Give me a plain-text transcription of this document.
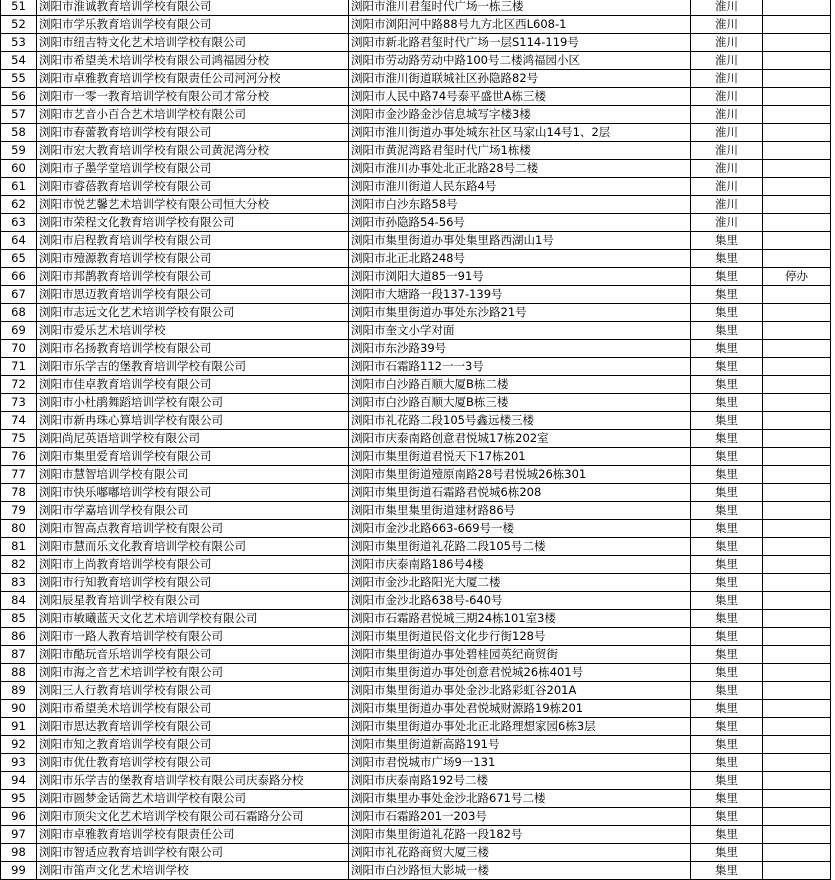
51	浏阳市淮诚教育培训学校有限公司	浏阳市淮川君玺时代广场一栋三楼	淮川	
52	浏阳市学乐教育培训学校有限公司	浏阳市浏阳河中路88号九方北区西L608-1	淮川	
53	浏阳市纽吉特文化艺术培训学校有限公司	浏阳市新北路君玺时代广场一层S114-119号	淮川	
54	浏阳市希望美术培训学校有限公司鸿福园分校	浏阳市劳动路劳动中路100号二楼鸿福园小区	淮川	
55	浏阳市卓雅教育培训学校有限责任公司河河分校	浏阳市淮川街道联城社区孙隐路82号	淮川	
56	浏阳市一零一教育培训学校有限公司才常分校	浏阳市人民中路74号泰平盛世A栋三楼	淮川	
57	浏阳市艺音小百合艺术培训学校有限公司	浏阳市金沙路金沙信息城写字楼3楼	淮川	
58	浏阳市春蕾教育培训学校有限公司	浏阳市淮川街道办事处城东社区马家山14号1、2层	淮川	
59	浏阳市宏大教育培训学校有限公司黄泥湾分校	浏阳市黄泥湾路君玺时代广场1栋楼	淮川	
60	浏阳市子墨学堂培训学校有限公司	浏阳市淮川办事处北正北路28号二楼	淮川	
61	浏阳市睿蓓教育培训学校有限公司	浏阳市淮川街道人民东路4号	淮川	
62	浏阳市悦艺馨艺术培训学校有限公司恒大分校	浏阳市白沙东路58号	淮川	
63	浏阳市荣程文化教育培训学校有限公司	浏阳市孙隐路54-56号	淮川	
64	浏阳市启程教育培训学校有限公司	浏阳市集里街道办事处集里路西湖山1号	集里	
65	浏阳市殪源教育培训学校有限公司	浏阳市北正北路248号	集里	
66	浏阳市邦鹊教育培训学校有限公司	浏阳市浏阳大道85一91号	集里	停办
67	浏阳市思迈教育培训学校有限公司	浏阳市大塘路一段137-139号	集里	
68	浏阳市志远文化艺术培训学校有限公司	浏阳市集里街道办事处东沙路21号	集里	
69	浏阳市爱乐艺术培训学校	浏阳市奎文小学对面	集里	
70	浏阳市名扬教育培训学校有限公司	浏阳市东沙路39号	集里	
71	浏阳市乐学吉的堡教育培训学校有限公司	浏阳市石霜路112一一3号	集里	
72	浏阳市佳卓教育培训学校有限公司	浏阳市白沙路百顺大厦B栋二楼	集里	
73	浏阳市小杜鹃舞蹈培训学校有限公司	浏阳市白沙路百顺大厦B栋三楼	集里	
74	浏阳市新冉珠心算培训学校有限公司	浏阳市礼花路二段105号鑫远楼三楼	集里	
75	浏阳尚尼英语培训学校有限公司	浏阳市庆泰南路创意君悦城17栋202室	集里	
76	浏阳市集里爱育培训学校有限公司	浏阳市集里街道君悦天下17栋201	集里	
77	浏阳市慧智培训学校有限公司	浏阳市集里街道殪原南路28号君悦城26栋301	集里	
78	浏阳市快乐嘟嘟培训学校有限公司	浏阳市集里街道石霜路君悦城6栋208	集里	
79	浏阳市学嘉培训学校有限公司	浏阳市集里集里街道建材路86号	集里	
80	浏阳市智高点教育培训学校有限公司	浏阳市金沙北路663-669号一楼	集里	
81	浏阳市慧而乐文化教育培训学校有限公司	浏阳市集里街道礼花路二段105号二楼	集里	
82	浏阳市上尚教育培训学校有限公司	浏阳市庆泰南路186号4楼	集里	
83	浏阳市行知教育培训学校有限公司	浏阳市金沙北路阳光大厦二楼	集里	
84	浏阳辰星教育培训学校有限公司	浏阳市金沙北路638号-640号	集里	
85	浏阳市敏曦蓝天文化艺术培训学校有限公司	浏阳市石霜路君悦城三期24栋101室3楼	集里	
86	浏阳市一路人教育培训学校有限公司	浏阳市集里街道民俗文化步行街128号	集里	
87	浏阳市酷玩音乐培训学校有限公司	浏阳市集里街道办事处碧桂园英纪商贸街	集里	
88	浏阳市海之音艺术培训学校有限公司	浏阳市集里街道办事处创意君悦城26栋401号	集里	
89	浏阳三人行教育培训学校有限公司	浏阳市集里街道办事处金沙北路彩虹谷201A	集里	
90	浏阳市希望美术培训学校有限公司	浏阳市集里街道办事处君悦城财源路19栋201	集里	
91	浏阳市思达教育培训学校有限公司	浏阳市集里街道办事处北正北路理想家园6栋3层	集里	
92	浏阳市知之教育培训学校有限公司	浏阳市集里街道新高路191号	集里	
93	浏阳市优仕教育培训学校有限公司	浏阳市君悦城市广场9一131	集里	
94	浏阳市乐学吉的堡教育培训学校有限公司庆泰路分校	浏阳市庆泰南路192号二楼	集里	
95	浏阳市圆梦金话筒艺术培训学校有限公司	浏阳市集里办事处金沙北路671号二楼	集里	
96	浏阳市顶尖文化艺术培训学校有限公司石霜路分公司	浏阳市石霜路201一203号	集里	
97	浏阳市卓雅教育培训学校有限责任公司	浏阳市集里街道礼花路一段182号	集里	
98	浏阳市智适应教育培训学校有限公司	浏阳市礼花路商贸大厦三楼	集里	
99	浏阳市笛声文化艺术培训学校	浏阳市白沙路恒大影城一楼	集里	
